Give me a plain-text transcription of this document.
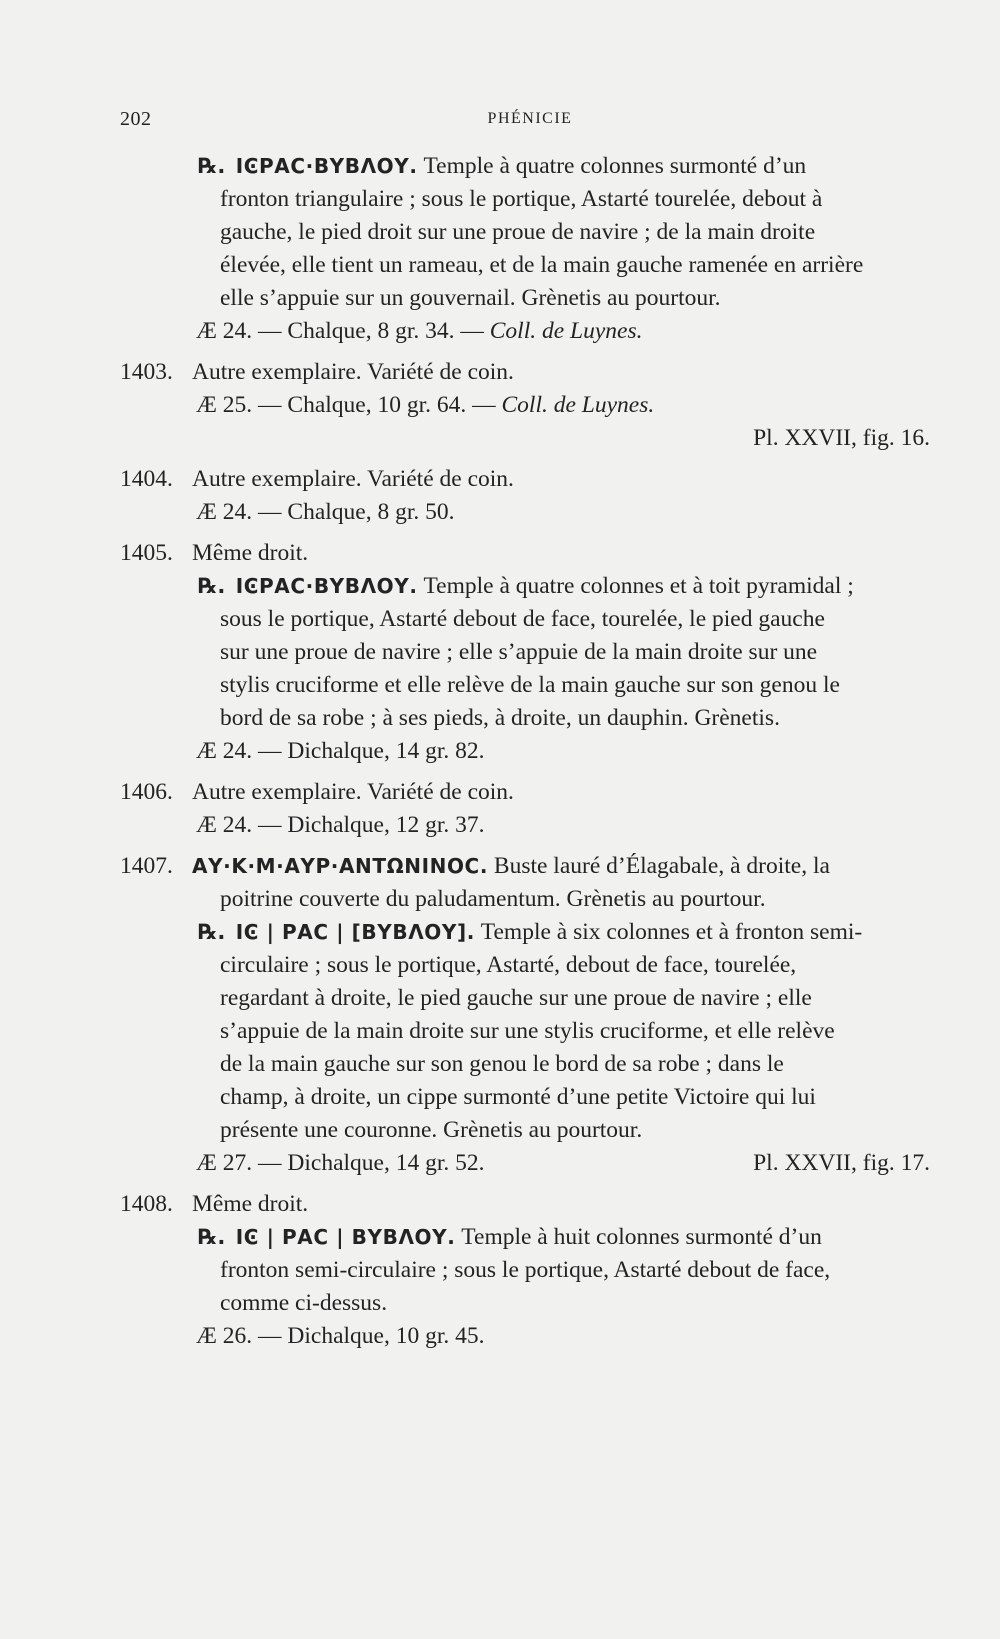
202	PHÉNICIE
℞. ΙϾΡΑϹ·ΒΥΒΛΟΥ. Temple à quatre colonnes surmonté d’un
fronton triangulaire ; sous le portique, Astarté tourelée, debout à
gauche, le pied droit sur une proue de navire ; de la main droite
élevée, elle tient un rameau, et de la main gauche ramenée en arrière
elle s’appuie sur un gouvernail. Grènetis au pourtour.
Æ 24. — Chalque, 8 gr. 34. — Coll. de Luynes.
1403. Autre exemplaire. Variété de coin.
Æ 25. — Chalque, 10 gr. 64. — Coll. de Luynes.
Pl. XXVII, fig. 16.
1404. Autre exemplaire. Variété de coin.
Æ 24. — Chalque, 8 gr. 50.
1405. Même droit.
℞. ΙϾΡΑϹ·ΒΥΒΛΟΥ. Temple à quatre colonnes et à toit pyramidal ;
sous le portique, Astarté debout de face, tourelée, le pied gauche
sur une proue de navire ; elle s’appuie de la main droite sur une
stylis cruciforme et elle relève de la main gauche sur son genou le
bord de sa robe ; à ses pieds, à droite, un dauphin. Grènetis.
Æ 24. — Dichalque, 14 gr. 82.
1406. Autre exemplaire. Variété de coin.
Æ 24. — Dichalque, 12 gr. 37.
1407. ΑΥ·Κ·Μ·ΑΥΡ·ΑΝΤΩΝΙΝΟϹ. Buste lauré d’Élagabale, à droite, la
poitrine couverte du paludamentum. Grènetis au pourtour.
℞. ΙϾ | ΡΑϹ | [ΒΥΒΛΟΥ]. Temple à six colonnes et à fronton semi-
circulaire ; sous le portique, Astarté, debout de face, tourelée,
regardant à droite, le pied gauche sur une proue de navire ; elle
s’appuie de la main droite sur une stylis cruciforme, et elle relève
de la main gauche sur son genou le bord de sa robe ; dans le
champ, à droite, un cippe surmonté d’une petite Victoire qui lui
présente une couronne. Grènetis au pourtour.
Æ 27. — Dichalque, 14 gr. 52.	Pl. XXVII, fig. 17.
1408. Même droit.
℞. ΙϾ | ΡΑϹ | ΒΥΒΛΟΥ. Temple à huit colonnes surmonté d’un
fronton semi-circulaire ; sous le portique, Astarté debout de face,
comme ci-dessus.
Æ 26. — Dichalque, 10 gr. 45.
